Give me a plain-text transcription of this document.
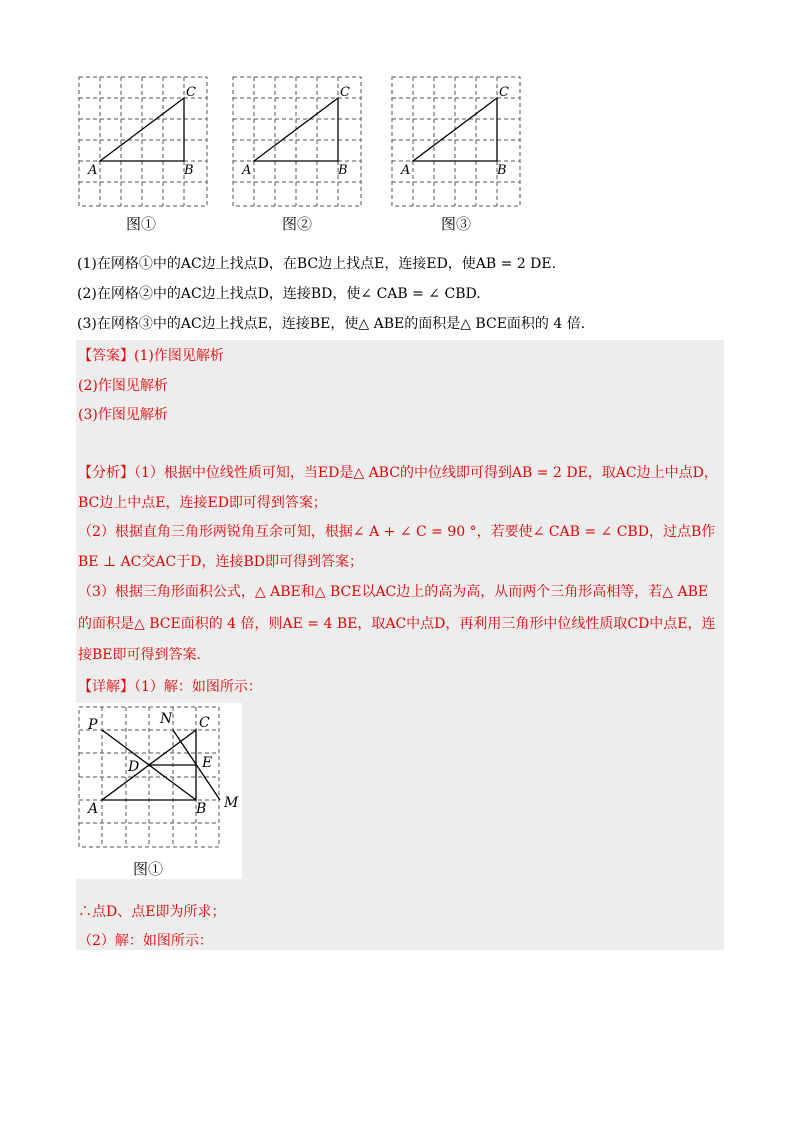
A	B
C
图①
A	B
C
图②
A	B
C
图③
(1)在网格①中的AC边上找点D，在BC边上找点E，连接ED，使AB = 2 DE.
(2)在网格②中的AC边上找点D，连接BD，使∠ CAB = ∠ CBD.
(3)在网格③中的AC边上找点E，连接BE，使△ ABE的面积是△ BCE面积的 4 倍.
【答案】(1)作图见解析
(2)作图见解析
(3)作图见解析
【分析】（1）根据中位线性质可知，当ED是△ ABC的中位线即可得到AB = 2 DE，取AC边上中点D，
BC边上中点E，连接ED即可得到答案；
（2）根据直角三角形两锐角互余可知，根据∠ A + ∠ C = 90 °，若要使∠ CAB = ∠ CBD，过点B作
BE ⊥ AC交AC于D，连接BD即可得到答案；
（3）根据三角形面积公式，△ ABE和△ BCE以AC边上的高为高，从而两个三角形高相等，若△ ABE
的面积是△ BCE面积的 4 倍，则AE = 4 BE，取AC中点D，再利用三角形中位线性质取CD中点E，连
接BE即可得到答案.
【详解】（1）解：如图所示：
P	N C
D	E
A	B M
图①
∴点D、点E即为所求；
（2）解：如图所示：
